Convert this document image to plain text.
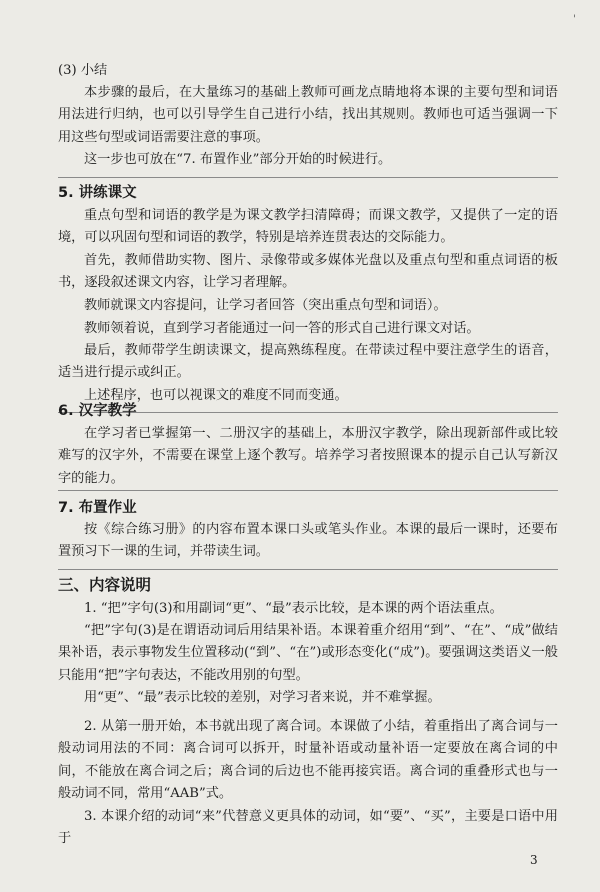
'

(3) 小结

本步骤的最后，在大量练习的基础上教师可画龙点睛地将本课的主要句型和词语用法进行归纳，也可以引导学生自己进行小结，找出其规则。教师也可适当强调一下用这些句型或词语需要注意的事项。

这一步也可放在“7. 布置作业”部分开始的时候进行。

5. 讲练课文

重点句型和词语的教学是为课文教学扫清障碍；而课文教学，又提供了一定的语境，可以巩固句型和词语的教学，特别是培养连贯表达的交际能力。

首先，教师借助实物、图片、录像带或多媒体光盘以及重点句型和重点词语的板书，逐段叙述课文内容，让学习者理解。

教师就课文内容提问，让学习者回答（突出重点句型和词语）。

教师领着说，直到学习者能通过一问一答的形式自己进行课文对话。

最后，教师带学生朗读课文，提高熟练程度。在带读过程中要注意学生的语音，适当进行提示或纠正。

上述程序，也可以视课文的难度不同而变通。

6. 汉字教学

在学习者已掌握第一、二册汉字的基础上，本册汉字教学，除出现新部件或比较难写的汉字外，不需要在课堂上逐个教写。培养学习者按照课本的提示自己认写新汉字的能力。

7. 布置作业

按《综合练习册》的内容布置本课口头或笔头作业。本课的最后一课时，还要布置预习下一课的生词，并带读生词。

三、内容说明

1. “把”字句(3)和用副词“更”、“最”表示比较，是本课的两个语法重点。

“把”字句(3)是在谓语动词后用结果补语。本课着重介绍用“到”、“在”、“成”做结果补语，表示事物发生位置移动(“到”、“在”)或形态变化(“成”)。要强调这类语义一般只能用“把”字句表达，不能改用别的句型。

用“更”、“最”表示比较的差别，对学习者来说，并不难掌握。

2. 从第一册开始，本书就出现了离合词。本课做了小结，着重指出了离合词与一般动词用法的不同：离合词可以拆开，时量补语或动量补语一定要放在离合词的中间，不能放在离合词之后；离合词的后边也不能再接宾语。离合词的重叠形式也与一般动词不同，常用“AAB”式。

3. 本课介绍的动词“来”代替意义更具体的动词，如“要”、“买”，主要是口语中用于

3
